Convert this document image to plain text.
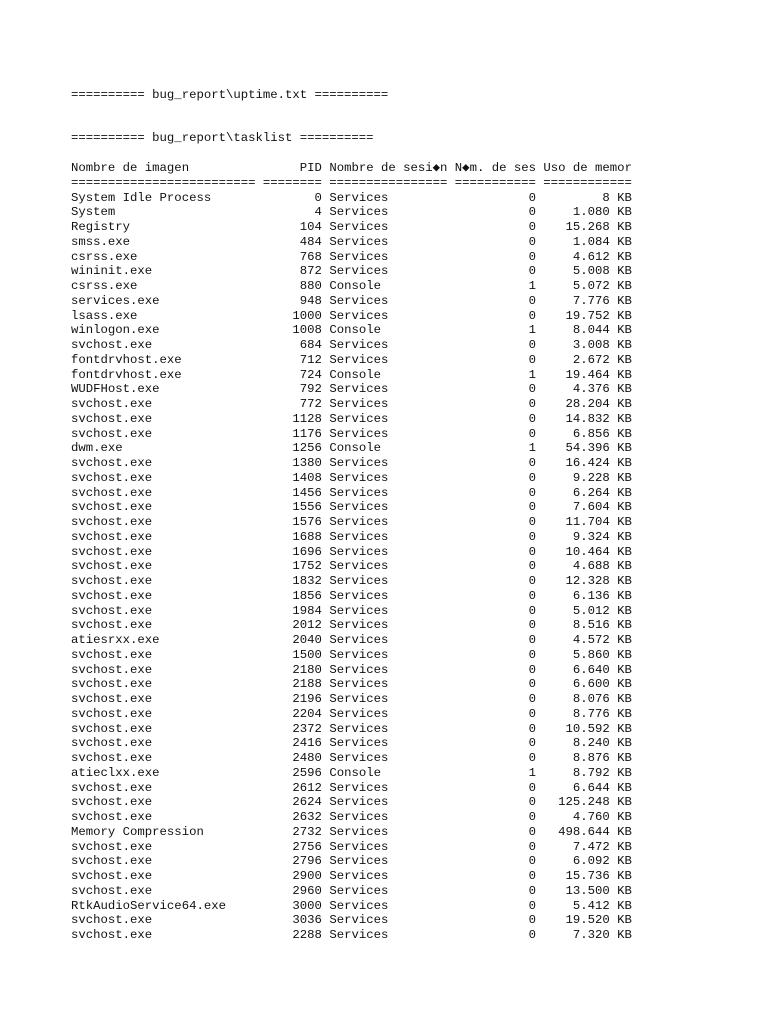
========== bug_report\uptime.txt ==========
========== bug_report\tasklist ==========
Nombre de imagen               PID Nombre de sesi◆n N◆m. de ses Uso de memor
========================= ======== ================ =========== ============
System Idle Process              0 Services                   0         8 KB
System                           4 Services                   0     1.080 KB
Registry                       104 Services                   0    15.268 KB
smss.exe                       484 Services                   0     1.084 KB
csrss.exe                      768 Services                   0     4.612 KB
wininit.exe                    872 Services                   0     5.008 KB
csrss.exe                      880 Console                    1     5.072 KB
services.exe                   948 Services                   0     7.776 KB
lsass.exe                     1000 Services                   0    19.752 KB
winlogon.exe                  1008 Console                    1     8.044 KB
svchost.exe                    684 Services                   0     3.008 KB
fontdrvhost.exe                712 Services                   0     2.672 KB
fontdrvhost.exe                724 Console                    1    19.464 KB
WUDFHost.exe                   792 Services                   0     4.376 KB
svchost.exe                    772 Services                   0    28.204 KB
svchost.exe                   1128 Services                   0    14.832 KB
svchost.exe                   1176 Services                   0     6.856 KB
dwm.exe                       1256 Console                    1    54.396 KB
svchost.exe                   1380 Services                   0    16.424 KB
svchost.exe                   1408 Services                   0     9.228 KB
svchost.exe                   1456 Services                   0     6.264 KB
svchost.exe                   1556 Services                   0     7.604 KB
svchost.exe                   1576 Services                   0    11.704 KB
svchost.exe                   1688 Services                   0     9.324 KB
svchost.exe                   1696 Services                   0    10.464 KB
svchost.exe                   1752 Services                   0     4.688 KB
svchost.exe                   1832 Services                   0    12.328 KB
svchost.exe                   1856 Services                   0     6.136 KB
svchost.exe                   1984 Services                   0     5.012 KB
svchost.exe                   2012 Services                   0     8.516 KB
atiesrxx.exe                  2040 Services                   0     4.572 KB
svchost.exe                   1500 Services                   0     5.860 KB
svchost.exe                   2180 Services                   0     6.640 KB
svchost.exe                   2188 Services                   0     6.600 KB
svchost.exe                   2196 Services                   0     8.076 KB
svchost.exe                   2204 Services                   0     8.776 KB
svchost.exe                   2372 Services                   0    10.592 KB
svchost.exe                   2416 Services                   0     8.240 KB
svchost.exe                   2480 Services                   0     8.876 KB
atieclxx.exe                  2596 Console                    1     8.792 KB
svchost.exe                   2612 Services                   0     6.644 KB
svchost.exe                   2624 Services                   0   125.248 KB
svchost.exe                   2632 Services                   0     4.760 KB
Memory Compression            2732 Services                   0   498.644 KB
svchost.exe                   2756 Services                   0     7.472 KB
svchost.exe                   2796 Services                   0     6.092 KB
svchost.exe                   2900 Services                   0    15.736 KB
svchost.exe                   2960 Services                   0    13.500 KB
RtkAudioService64.exe         3000 Services                   0     5.412 KB
svchost.exe                   3036 Services                   0    19.520 KB
svchost.exe                   2288 Services                   0     7.320 KB
